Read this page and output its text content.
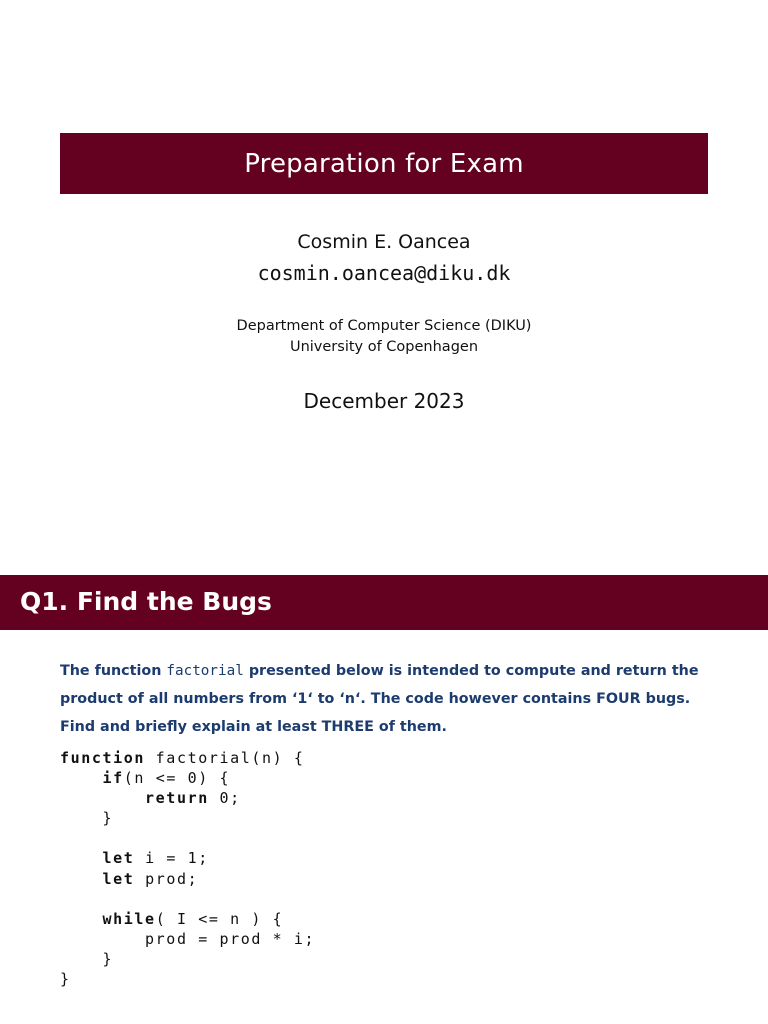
Preparation for Exam
Cosmin E. Oancea
cosmin.oancea@diku.dk
Department of Computer Science (DIKU)
University of Copenhagen
December 2023
Q1. Find the Bugs
The function factorial presented below is intended to compute and return the product of all numbers from ‘1‘ to ‘n‘. The code however contains FOUR bugs. Find and briefly explain at least THREE of them.
function factorial(n) {
if(n <= 0) {
return 0;
}
let i = 1;
let prod;
while( I <= n ) {
prod = prod * i;
}
}
